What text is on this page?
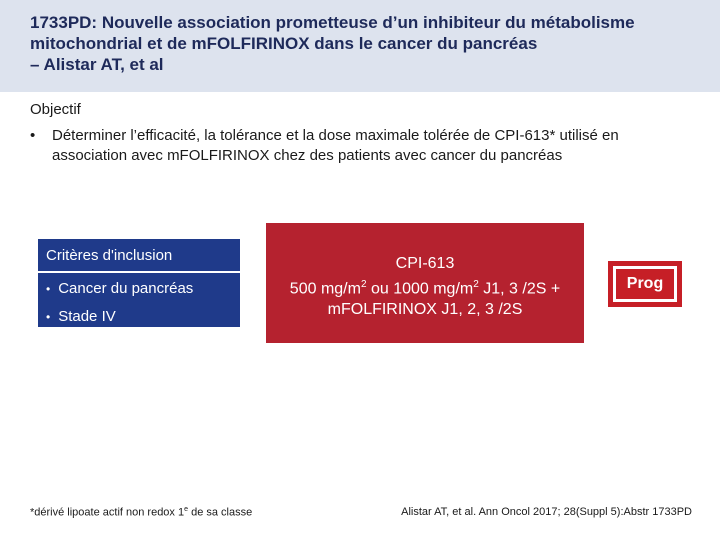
1733PD: Nouvelle association prometteuse d’un inhibiteur du métabolisme
mitochondrial et de mFOLFIRINOX dans le cancer du pancréas
– Alistar AT, et al

Objectif

• Déterminer l’efficacité, la tolérance et la dose maximale tolérée de CPI-613* utilisé en association avec mFOLFIRINOX chez des patients avec cancer du pancréas
Critères d'inclusion
• Cancer du pancréas
• Stade IV
CPI-613
500 $mg/m^2$ ou 1000 $mg/m^2$ J1, 3 /2S +
mFOLFIRINOX J1, 2, 3 /2S
Prog
*dérivé lipoate actif non redox 1e de sa classe	Alistar AT, et al. Ann Oncol 2017; 28(Suppl 5):Abstr 1733PD
